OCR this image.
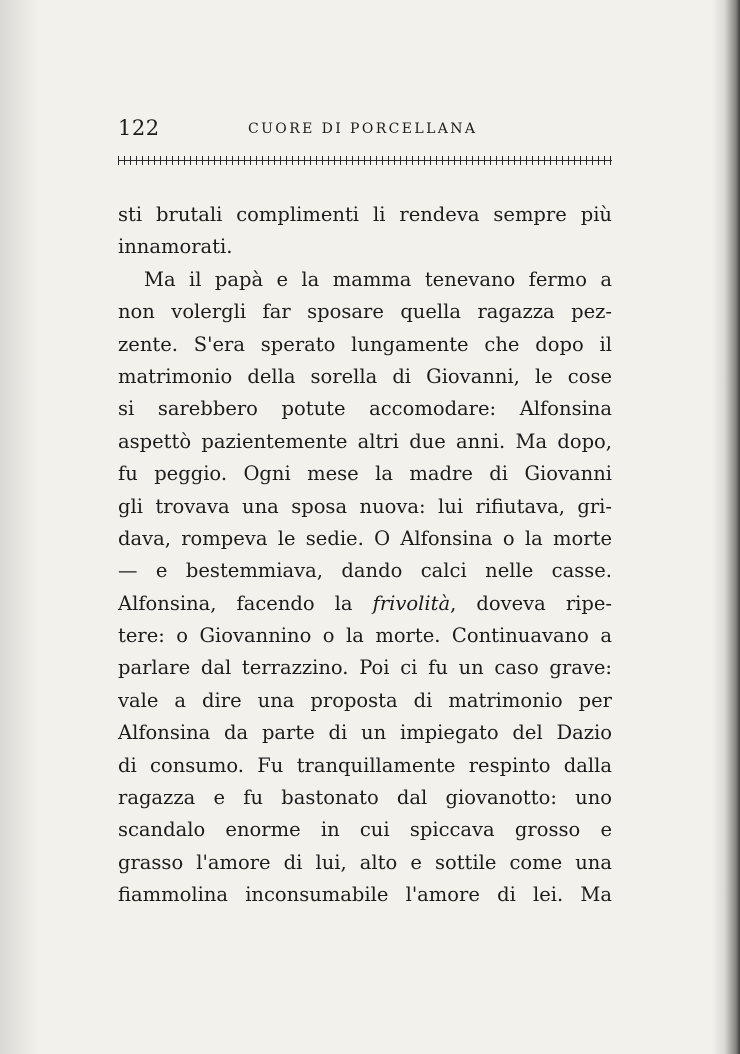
122	CUORE DI PORCELLANA
sti brutali complimenti li rendeva sempre più
innamorati.
Ma il papà e la mamma tenevano fermo a
non volergli far sposare quella ragazza pez-
zente. S'era sperato lungamente che dopo il
matrimonio della sorella di Giovanni, le cose
si sarebbero potute accomodare: Alfonsina
aspettò pazientemente altri due anni. Ma dopo,
fu peggio. Ogni mese la madre di Giovanni
gli trovava una sposa nuova: lui rifiutava, gri-
dava, rompeva le sedie. O Alfonsina o la morte
— e bestemmiava, dando calci nelle casse.
Alfonsina, facendo la frivolità, doveva ripe-
tere: o Giovannino o la morte. Continuavano a
parlare dal terrazzino. Poi ci fu un caso grave:
vale a dire una proposta di matrimonio per
Alfonsina da parte di un impiegato del Dazio
di consumo. Fu tranquillamente respinto dalla
ragazza e fu bastonato dal giovanotto: uno
scandalo enorme in cui spiccava grosso e
grasso l'amore di lui, alto e sottile come una
fiammolina inconsumabile l'amore di lei. Ma
